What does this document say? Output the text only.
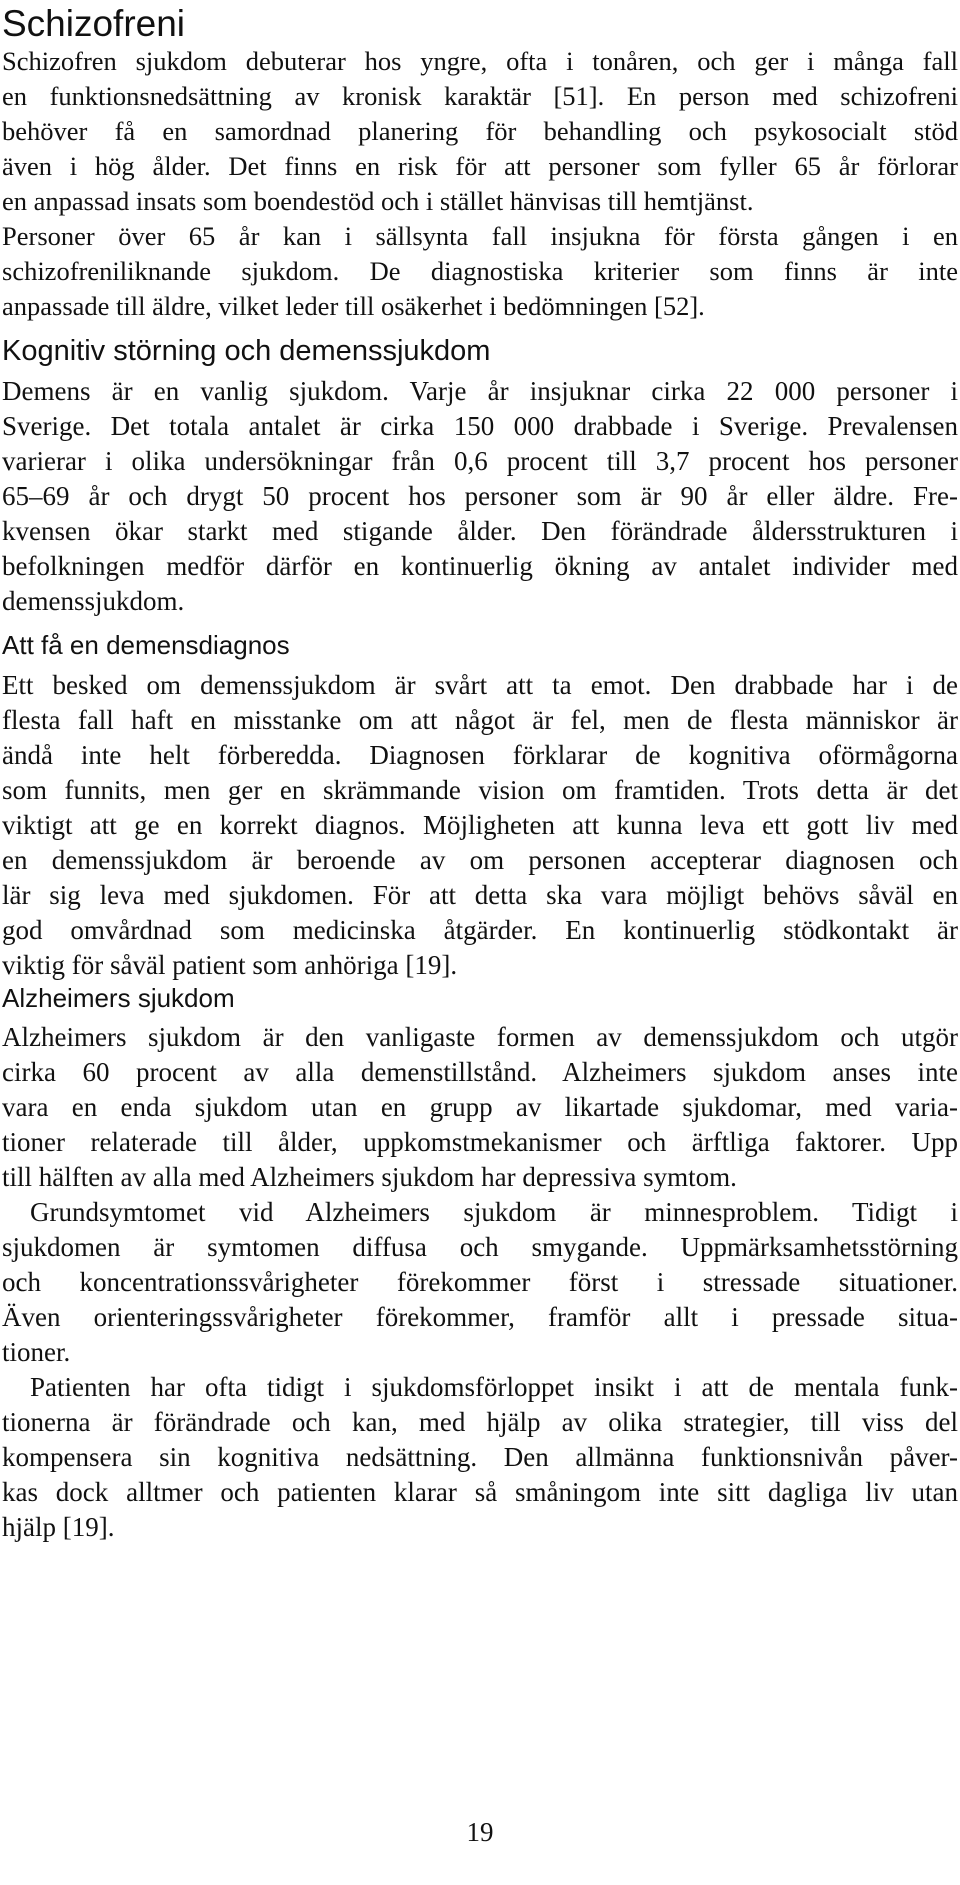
Schizofreni
Schizofren sjukdom debuterar hos yngre, ofta i tonåren, och ger i många fall
en funktionsnedsättning av kronisk karaktär [51]. En person med schizofreni
behöver få en samordnad planering för behandling och psykosocialt stöd
även i hög ålder. Det finns en risk för att personer som fyller 65 år förlorar
en anpassad insats som boendestöd och i stället hänvisas till hemtjänst.
Personer över 65 år kan i sällsynta fall insjukna för första gången i en
schizofreniliknande sjukdom. De diagnostiska kriterier som finns är inte
anpassade till äldre, vilket leder till osäkerhet i bedömningen [52].
Kognitiv störning och demenssjukdom
Demens är en vanlig sjukdom. Varje år insjuknar cirka 22 000 personer i
Sverige. Det totala antalet är cirka 150 000 drabbade i Sverige. Prevalensen
varierar i olika undersökningar från 0,6 procent till 3,7 procent hos personer
65–69 år och drygt 50 procent hos personer som är 90 år eller äldre. Fre-
kvensen ökar starkt med stigande ålder. Den förändrade åldersstrukturen i
befolkningen medför därför en kontinuerlig ökning av antalet individer med
demenssjukdom.
Att få en demensdiagnos
Ett besked om demenssjukdom är svårt att ta emot. Den drabbade har i de
flesta fall haft en misstanke om att något är fel, men de flesta människor är
ändå inte helt förberedda. Diagnosen förklarar de kognitiva oförmågorna
som funnits, men ger en skrämmande vision om framtiden. Trots detta är det
viktigt att ge en korrekt diagnos. Möjligheten att kunna leva ett gott liv med
en demenssjukdom är beroende av om personen accepterar diagnosen och
lär sig leva med sjukdomen. För att detta ska vara möjligt behövs såväl en
god omvårdnad som medicinska åtgärder. En kontinuerlig stödkontakt är
viktig för såväl patient som anhöriga [19].
Alzheimers sjukdom
Alzheimers sjukdom är den vanligaste formen av demenssjukdom och utgör
cirka 60 procent av alla demenstillstånd. Alzheimers sjukdom anses inte
vara en enda sjukdom utan en grupp av likartade sjukdomar, med varia-
tioner relaterade till ålder, uppkomstmekanismer och ärftliga faktorer. Upp
till hälften av alla med Alzheimers sjukdom har depressiva symtom.
Grundsymtomet vid Alzheimers sjukdom är minnesproblem. Tidigt i
sjukdomen är symtomen diffusa och smygande. Uppmärksamhetsstörning
och koncentrationssvårigheter förekommer först i stressade situationer.
Även orienteringssvårigheter förekommer, framför allt i pressade situa-
tioner.
Patienten har ofta tidigt i sjukdomsförloppet insikt i att de mentala funk-
tionerna är förändrade och kan, med hjälp av olika strategier, till viss del
kompensera sin kognitiva nedsättning. Den allmänna funktionsnivån påver-
kas dock alltmer och patienten klarar så småningom inte sitt dagliga liv utan
hjälp [19].
19
